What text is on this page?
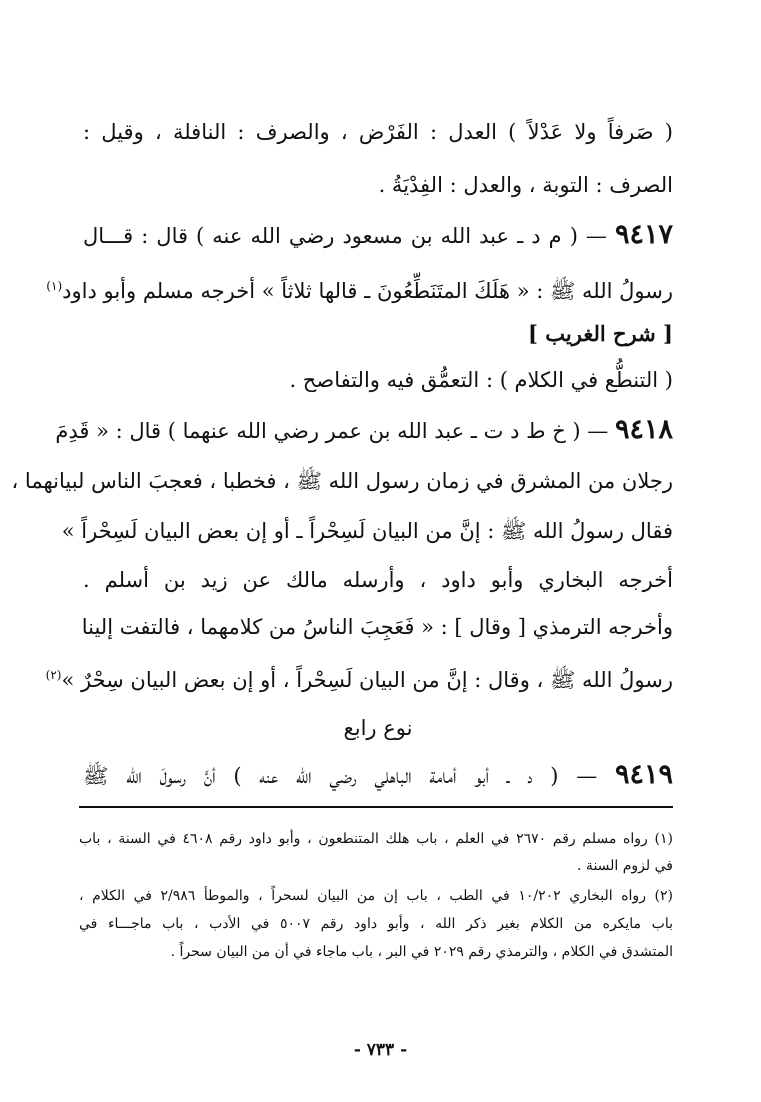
( صَرفاً ولا عَدْلاً ) العدل : الفَرْض ، والصرف : النافلة ، وقيل :
الصرف : التوبة ، والعدل : الفِدْيَةُ .
٩٤١٧ — ( م د ـ عبد الله بن مسعود رضي الله عنه ) قال : قـــال
رسولُ الله ﷺ : « هَلَكَ المتَنَطِّعُونَ ـ قالها ثلاثاً » أخرجه مسلم وأبو داود$^{(١)}$
[ شرح الغريب ]
( التنطُّع في الكلام ) : التعمُّق فيه والتفاصح .
٩٤١٨ — ( خ ط د ت ـ عبد الله بن عمر رضي الله عنهما ) قال : « قَدِمَ
رجلان من المشرق في زمان رسول الله ﷺ ، فخطبا ، فعجبَ الناس لبيانهما ،
فقال رسولُ الله ﷺ : إنَّ من البيان لَسِحْراً ـ أو إن بعض البيان لَسِحْراً »
أخرجه البخاري وأبو داود ، وأرسله مالك عن زيد بن أسلم .
وأخرجه الترمذي [ وقال ] : « فَعَجِبَ الناسُ من كلامهما ، فالتفت إلينا
رسولُ الله ﷺ ، وقال : إنَّ من البيان لَسِحْراً ، أو إن بعض البيان سِحْرٌ »$^{(٢)}$
نوع رابع
٩٤١٩ — ( د ـ أبو أمامة الباهلي رضي الله عنه ) أنَّ رسولَ الله ﷺ
(١) رواه مسلم رقم ٢٦٧٠ في العلم ، باب هلك المتنطعون ، وأبو داود رقم ٤٦٠٨ في السنة ، باب
في لزوم السنة .
(٢) رواه البخاري ١٠/٢٠٢ في الطب ، باب إن من البيان لسحراً ، والموطأ ٢/٩٨٦ في الكلام ،
باب مايكره من الكلام بغير ذكر الله ، وأبو داود رقم ٥٠٠٧ في الأدب ، باب ماجـــاء في
المتشدق في الكلام ، والترمذي رقم ٢٠٢٩ في البر ، باب ماجاء في أن من البيان سحراً .
- ٧٣٣ -
